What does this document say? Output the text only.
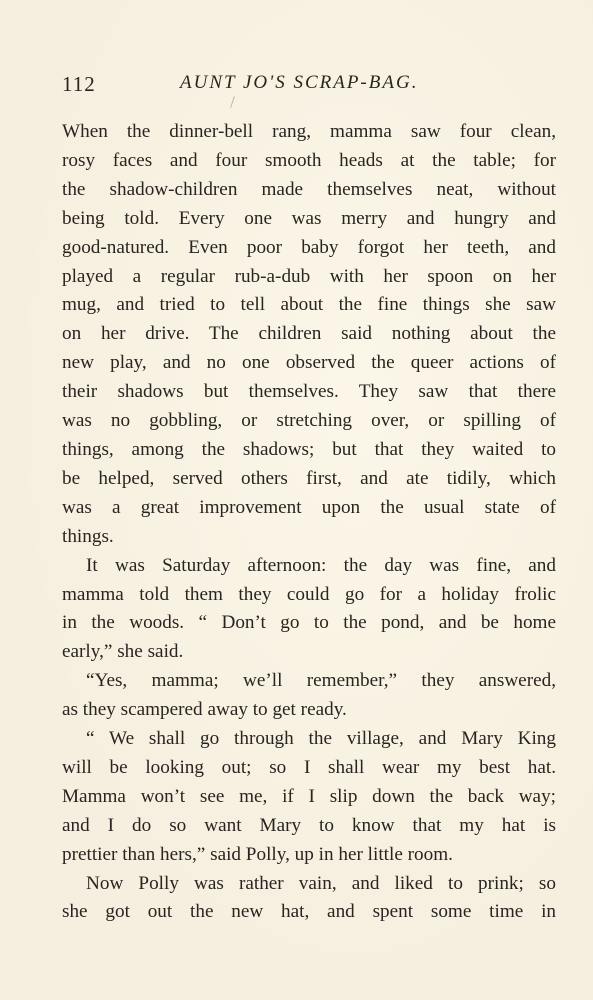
112	AUNT JO'S SCRAP-BAG.
When the dinner-bell rang, mamma saw four clean,
rosy faces and four smooth heads at the table; for
the shadow-children made themselves neat, without
being told. Every one was merry and hungry and
good-natured. Even poor baby forgot her teeth, and
played a regular rub-a-dub with her spoon on her
mug, and tried to tell about the fine things she saw
on her drive. The children said nothing about the
new play, and no one observed the queer actions of
their shadows but themselves. They saw that there
was no gobbling, or stretching over, or spilling of
things, among the shadows; but that they waited to
be helped, served others first, and ate tidily, which
was a great improvement upon the usual state of
things.
It was Saturday afternoon: the day was fine, and
mamma told them they could go for a holiday frolic
in the woods. “ Don’t go to the pond, and be home
early,” she said.
“Yes, mamma; we’ll remember,” they answered,
as they scampered away to get ready.
“ We shall go through the village, and Mary King
will be looking out; so I shall wear my best hat.
Mamma won’t see me, if I slip down the back way;
and I do so want Mary to know that my hat is
prettier than hers,” said Polly, up in her little room.
Now Polly was rather vain, and liked to prink; so
she got out the new hat, and spent some time in
